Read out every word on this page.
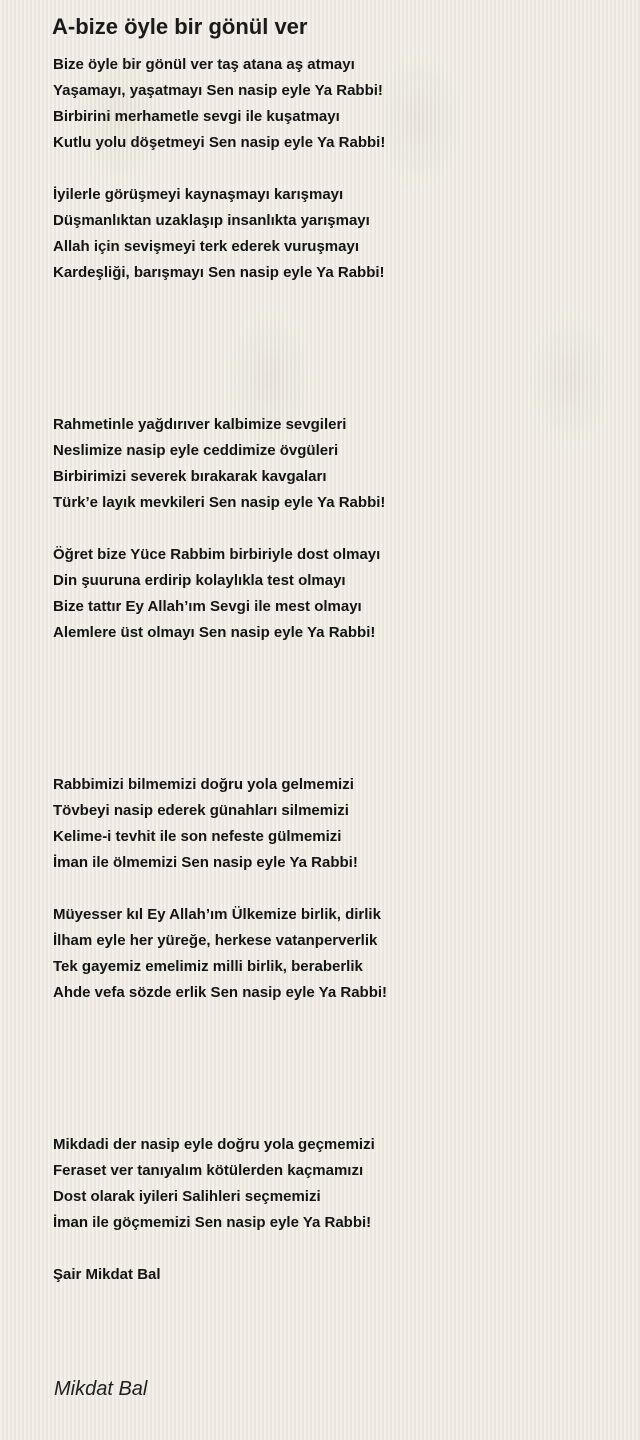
A-bize öyle bir gönül ver

Bize öyle bir gönül ver taş atana aş atmayı
Yaşamayı, yaşatmayı Sen nasip eyle Ya Rabbi!
Birbirini merhametle sevgi ile kuşatmayı
Kutlu yolu döşetmeyi Sen nasip eyle Ya Rabbi!

İyilerle görüşmeyi kaynaşmayı karışmayı
Düşmanlıktan uzaklaşıp insanlıkta yarışmayı
Allah için sevişmeyi terk ederek vuruşmayı
Kardeşliği, barışmayı Sen nasip eyle Ya Rabbi!

Rahmetinle yağdırıver kalbimize sevgileri
Neslimize nasip eyle ceddimize övgüleri
Birbirimizi severek bırakarak kavgaları
Türk’e layık mevkileri Sen nasip eyle Ya Rabbi!

Öğret bize Yüce Rabbim birbiriyle dost olmayı
Din şuuruna erdirip kolaylıkla test olmayı
Bize tattır Ey Allah’ım Sevgi ile mest olmayı
Alemlere üst olmayı Sen nasip eyle Ya Rabbi!

Rabbimizi bilmemizi doğru yola gelmemizi
Tövbeyi nasip ederek günahları silmemizi
Kelime-i tevhit ile son nefeste gülmemizi
İman ile ölmemizi Sen nasip eyle Ya Rabbi!

Müyesser kıl Ey Allah’ım Ülkemize birlik, dirlik
İlham eyle her yüreğe, herkese vatanperverlik
Tek gayemiz emelimiz milli birlik, beraberlik
Ahde vefa sözde erlik Sen nasip eyle Ya Rabbi!

Mikdadi der nasip eyle doğru yola geçmemizi
Feraset ver tanıyalım kötülerden kaçmamızı
Dost olarak iyileri Salihleri seçmemizi
İman ile göçmemizi Sen nasip eyle Ya Rabbi!

Şair Mikdat Bal

Mikdat Bal
